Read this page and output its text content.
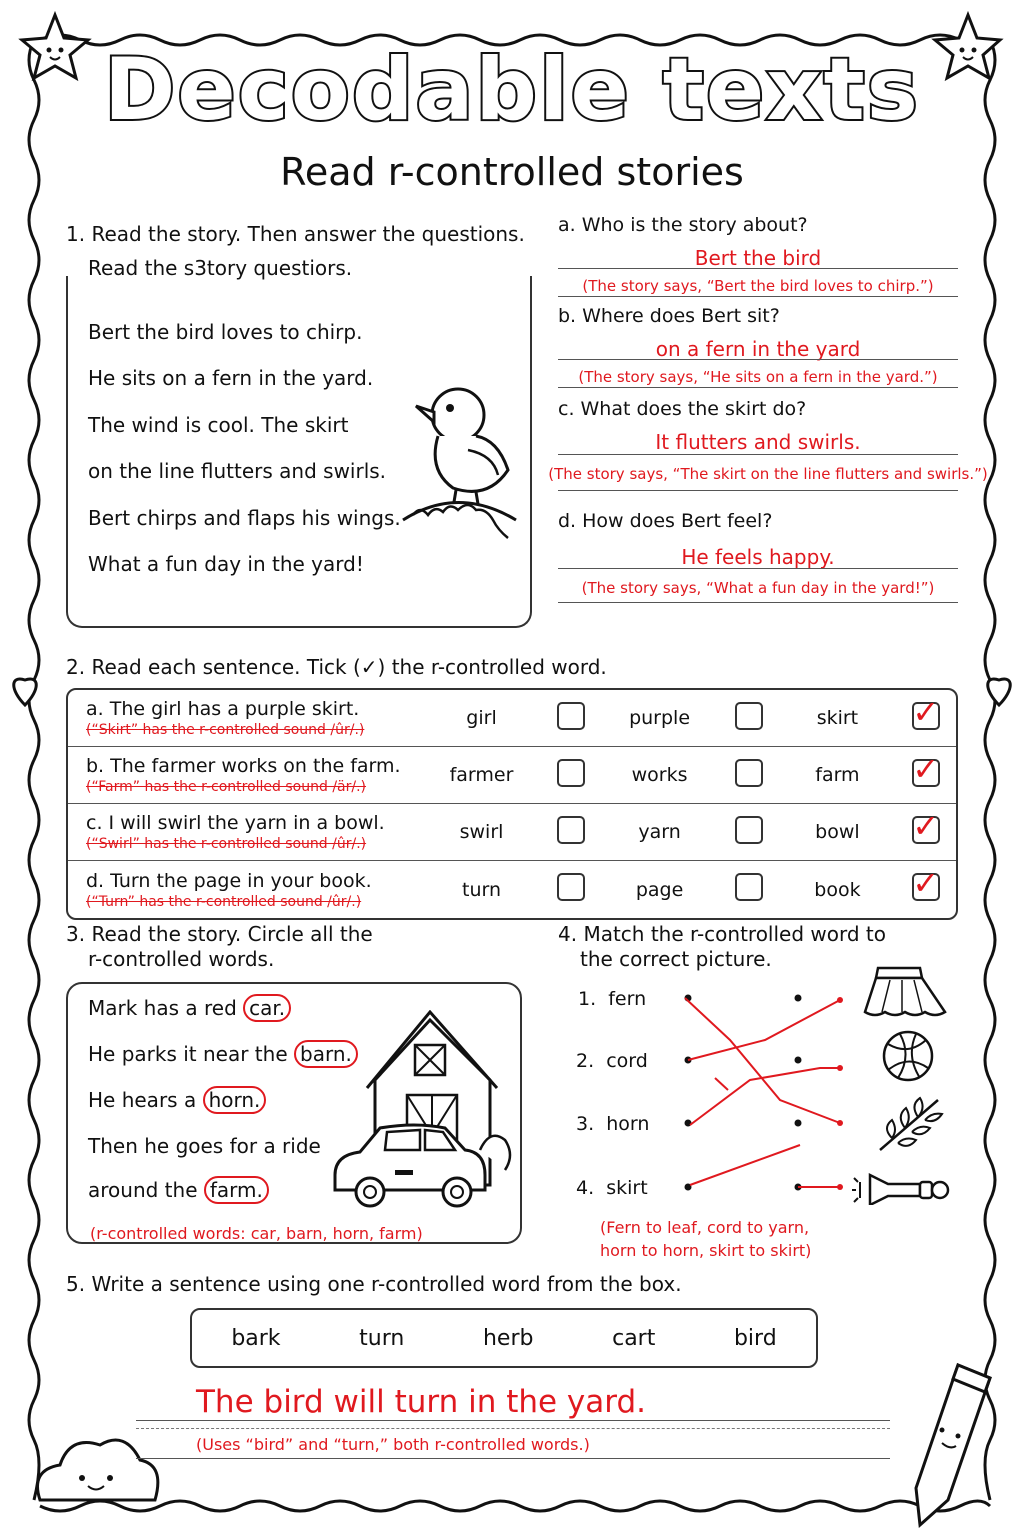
Decodable texts
Read r-controlled stories
1. Read the story. Then answer the questions.
Read the s3tory questiors.
Bert the bird loves to chirp.
He sits on a fern in the yard.
The wind is cool. The skirt
on the line flutters and swirls.
Bert chirps and flaps his wings.
What a fun day in the yard!
a. Who is the story about?
Bert the bird
(The story says, “Bert the bird loves to chirp.”)
b. Where does Bert sit?
on a fern in the yard
(The story says, “He sits on a fern in the yard.”)
c. What does the skirt do?
It flutters and swirls.
(The story says, “The skirt on the line flutters and swirls.”)
d. How does Bert feel?
He feels happy.
(The story says, “What a fun day in the yard!”)
2. Read each sentence. Tick (✓) the r-controlled word.
a. The girl has a purple skirt.
(“Skirt” has the r-controlled sound /ûr/.)	girl		purple		skirt	✓

b. The farmer works on the farm.
(“Farm” has the r-controlled sound /är/.)	farmer		works		farm	✓

c. I will swirl the yarn in a bowl.
(“Swirl” has the r-controlled sound /ûr/.)	swirl		yarn		bowl	✓

d. Turn the page in your book.
(“Turn” has the r-controlled sound /ûr/.)	turn		page		book	✓
3. Read the story. Circle all the
r-controlled words.
Mark has a red car.
He parks it near the barn.
He hears a horn.
Then he goes for a ride
around the farm.
(r-controlled words: car, barn, horn, farm)
4. Match the r-controlled word to
the correct picture.
1. fern
2. cord
3. horn
4. skirt
(Fern to leaf, cord to yarn,
horn to horn, skirt to skirt)
5. Write a sentence using one r-controlled word from the box.
bark	turn	herb	cart	bird
The bird will turn in the yard.
(Uses “bird” and “turn,” both r-controlled words.)
